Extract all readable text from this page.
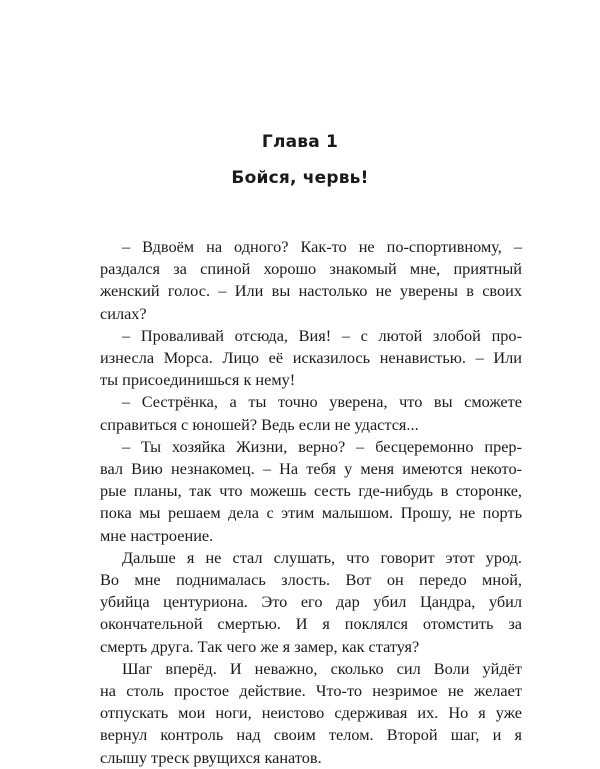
Глава 1
Бойся, червь!
– Вдвоём на одного? Как-то не по-спортивному, –
раздался за спиной хорошо знакомый мне, приятный
женский голос. – Или вы настолько не уверены в своих
силах?
– Проваливай отсюда, Вия! – с лютой злобой про-
изнесла Морса. Лицо её исказилось ненавистью. – Или
ты присоединишься к нему!
– Сестрёнка, а ты точно уверена, что вы сможете
справиться с юношей? Ведь если не удастся...
– Ты хозяйка Жизни, верно? – бесцеремонно прер-
вал Вию незнакомец. – На тебя у меня имеются некото-
рые планы, так что можешь сесть где-нибудь в сторонке,
пока мы решаем дела с этим малышом. Прошу, не порть
мне настроение.
Дальше я не стал слушать, что говорит этот урод.
Во мне поднималась злость. Вот он передо мной,
убийца центуриона. Это его дар убил Цандра, убил
окончательной смертью. И я поклялся отомстить за
смерть друга. Так чего же я замер, как статуя?
Шаг вперёд. И неважно, сколько сил Воли уйдёт
на столь простое действие. Что-то незримое не желает
отпускать мои ноги, неистово сдерживая их. Но я уже
вернул контроль над своим телом. Второй шаг, и я
слышу треск рвущихся канатов.
